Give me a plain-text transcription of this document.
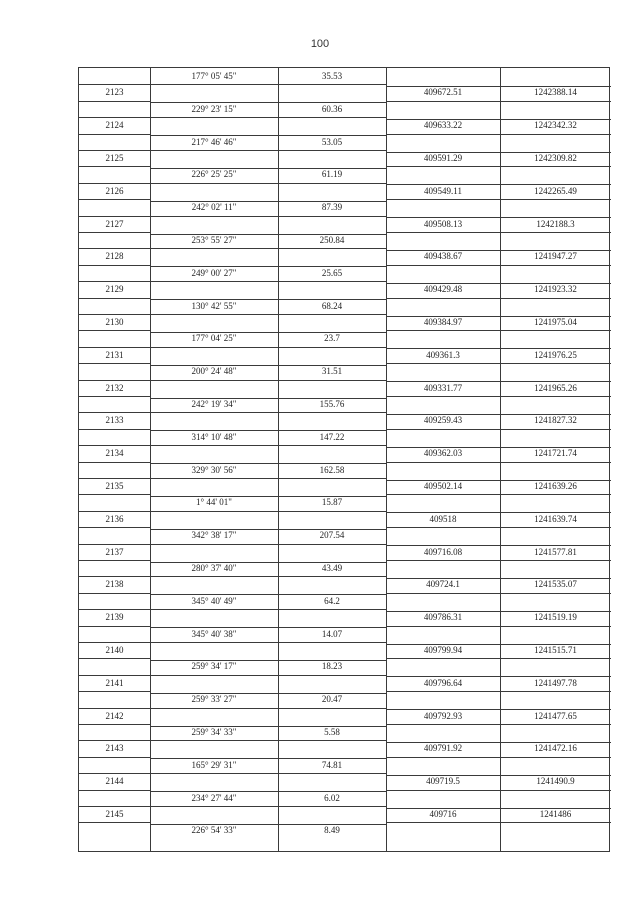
100
177° 05' 45"	35.53
2123	409672.51	1242388.14
229° 23' 15"	60.36
2124	409633.22	1242342.32
217° 46' 46"	53.05
2125	409591.29	1242309.82
226° 25' 25"	61.19
2126	409549.11	1242265.49
242° 02' 11"	87.39
2127	409508.13	1242188.3
253° 55' 27"	250.84
2128	409438.67	1241947.27
249° 00' 27"	25.65
2129	409429.48	1241923.32
130° 42' 55"	68.24
2130	409384.97	1241975.04
177° 04' 25"	23.7
2131	409361.3	1241976.25
200° 24' 48"	31.51
2132	409331.77	1241965.26
242° 19' 34"	155.76
2133	409259.43	1241827.32
314° 10' 48"	147.22
2134	409362.03	1241721.74
329° 30' 56"	162.58
2135	409502.14	1241639.26
1° 44' 01"	15.87
2136	409518	1241639.74
342° 38' 17"	207.54
2137	409716.08	1241577.81
280° 37' 40"	43.49
2138	409724.1	1241535.07
345° 40' 49"	64.2
2139	409786.31	1241519.19
345° 40' 38"	14.07
2140	409799.94	1241515.71
259° 34' 17"	18.23
2141	409796.64	1241497.78
259° 33' 27"	20.47
2142	409792.93	1241477.65
259° 34' 33"	5.58
2143	409791.92	1241472.16
165° 29' 31"	74.81
2144	409719.5	1241490.9
234° 27' 44"	6.02
2145	409716	1241486
226° 54' 33"	8.49
